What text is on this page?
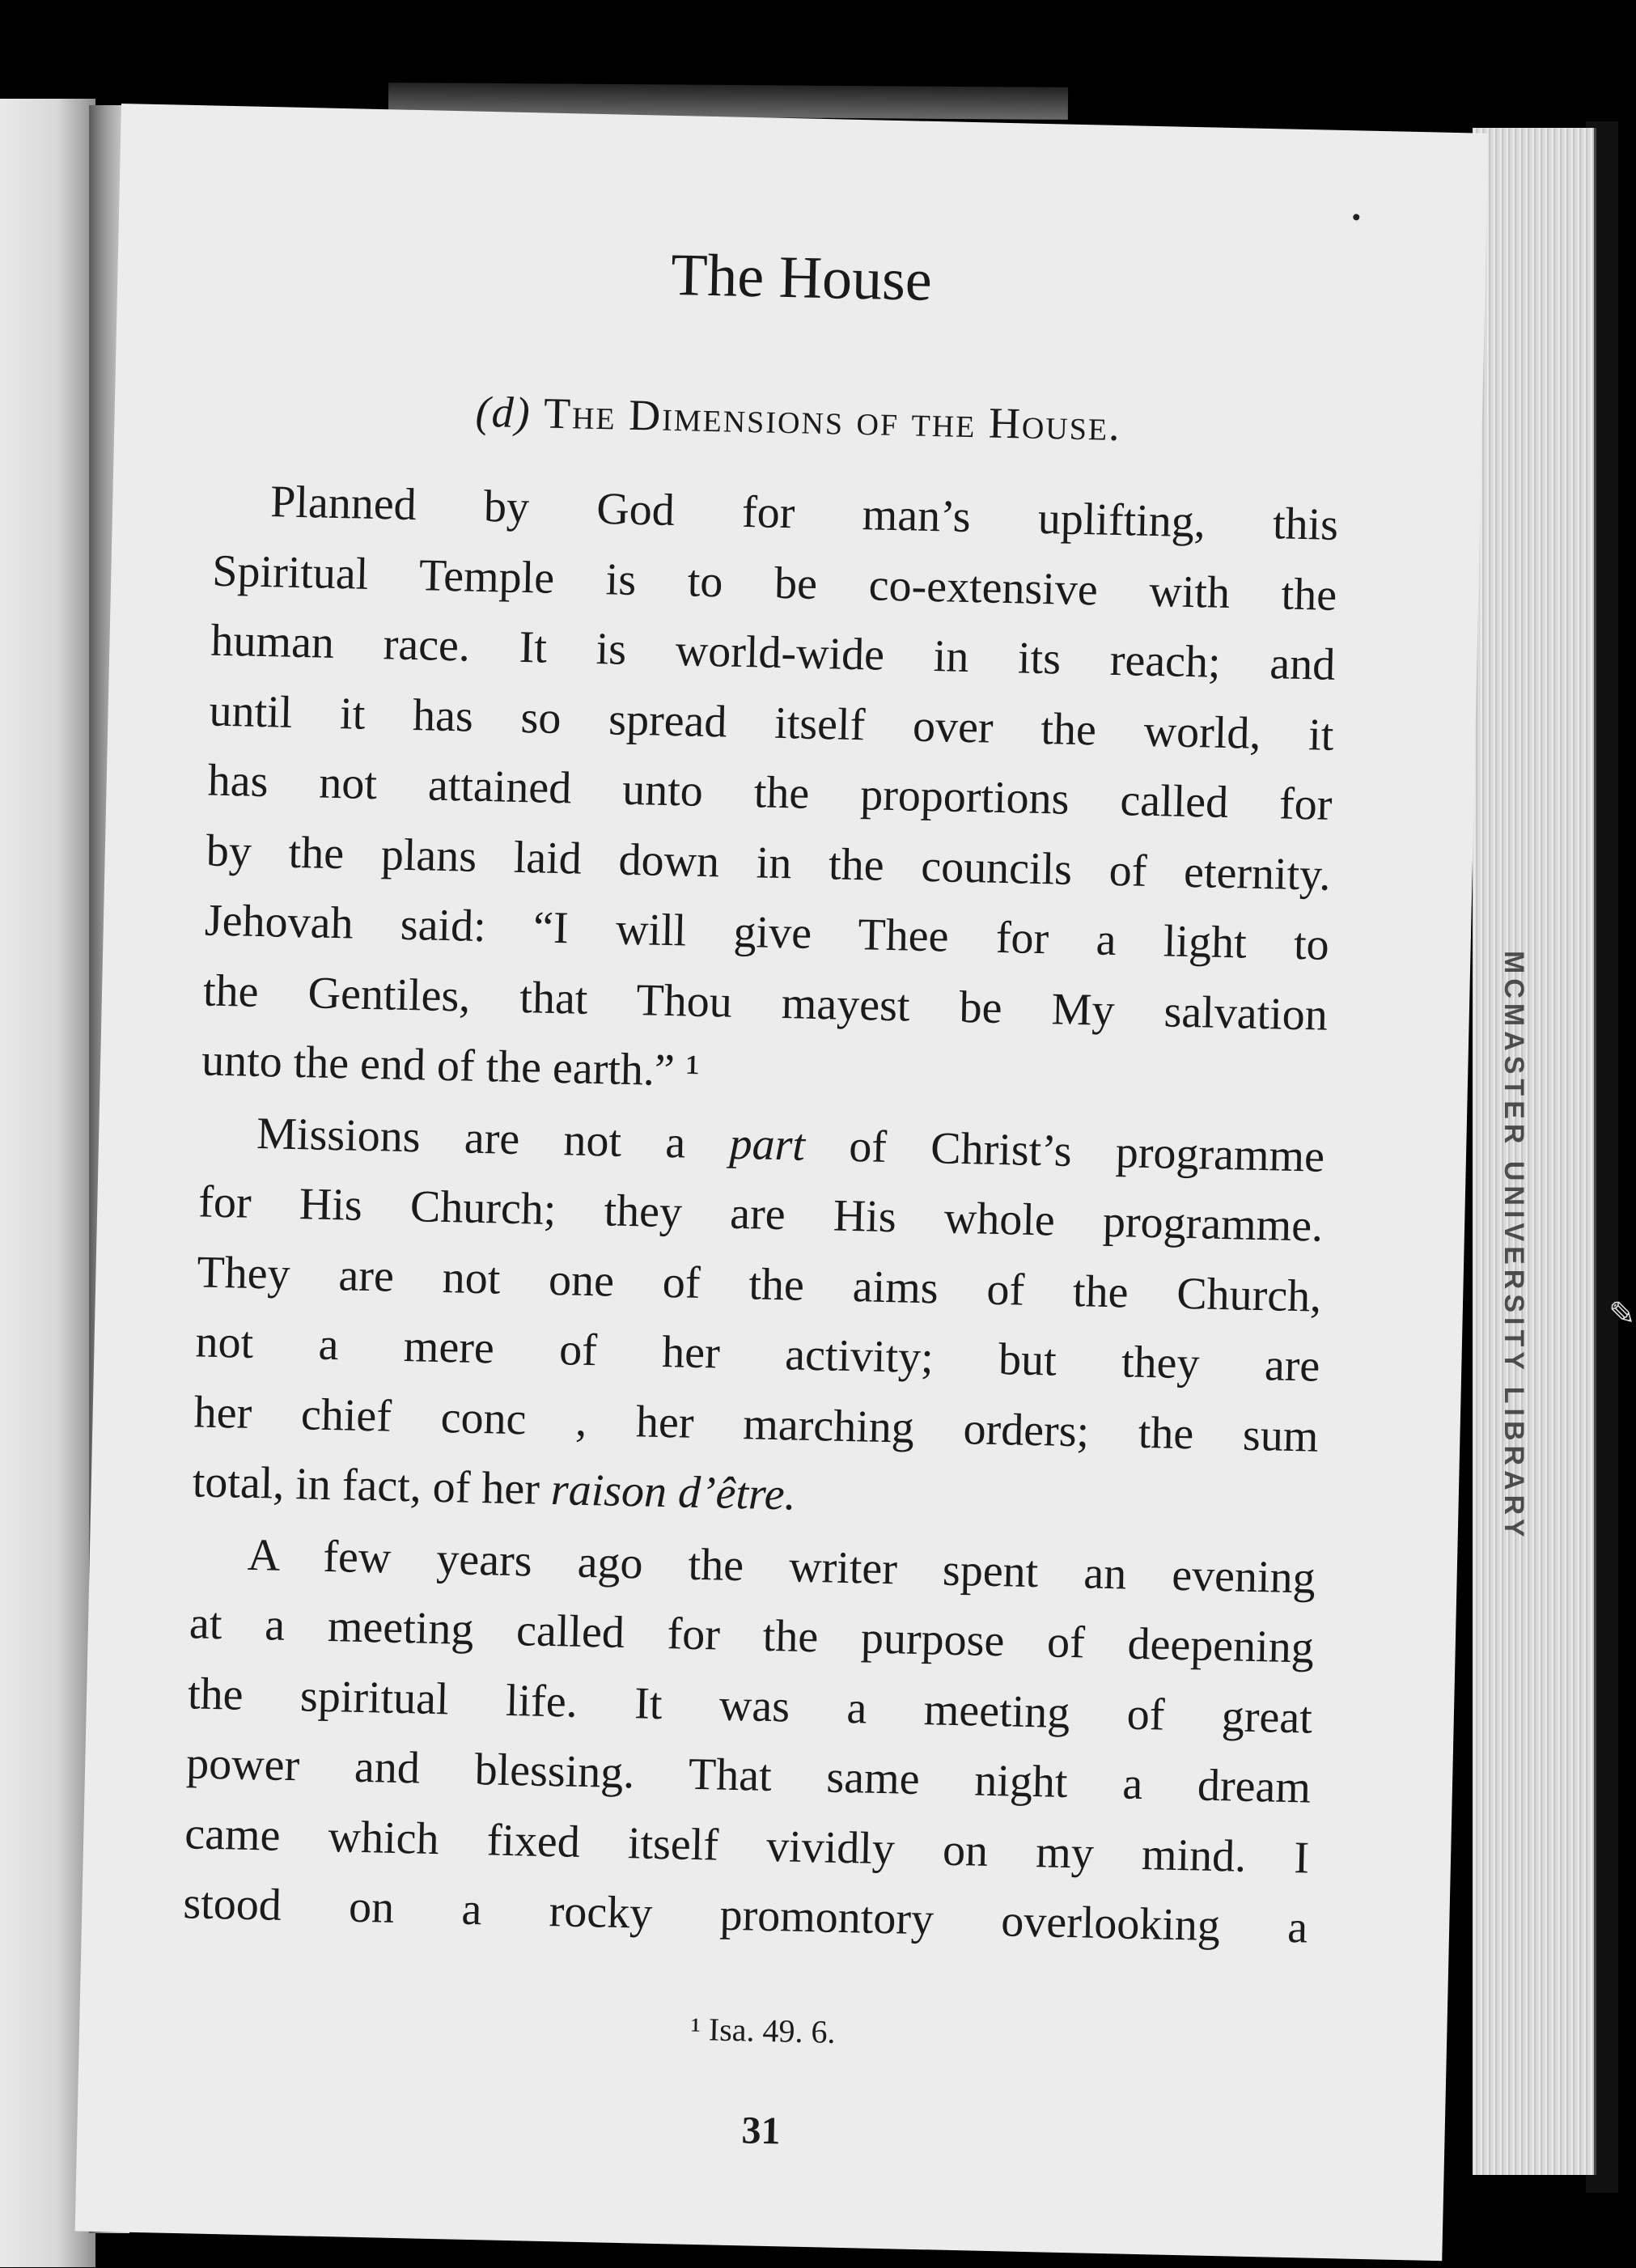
MCMASTER UNIVERSITY LIBRARY
The House
(d) The Dimensions of the House.
Planned by God for man’s uplifting, this
Spiritual Temple is to be co-extensive with the
human race. It is world-wide in its reach; and
until it has so spread itself over the world, it
has not attained unto the proportions called for
by the plans laid down in the councils of eternity.
Jehovah said: “I will give Thee for a light to
the Gentiles, that Thou mayest be My salvation
unto the end of the earth.” ¹
Missions are not a part of Christ’s programme
for His Church; they are His whole programme.
They are not one of the aims of the Church,
not a mere of her activity; but they are
her chief conc , her marching orders; the sum
total, in fact, of her raison d’être.
A few years ago the writer spent an evening
at a meeting called for the purpose of deepening
the spiritual life. It was a meeting of great
power and blessing. That same night a dream
came which fixed itself vividly on my mind. I
stood on a rocky promontory overlooking a
¹ Isa. 49. 6.
31
✎
